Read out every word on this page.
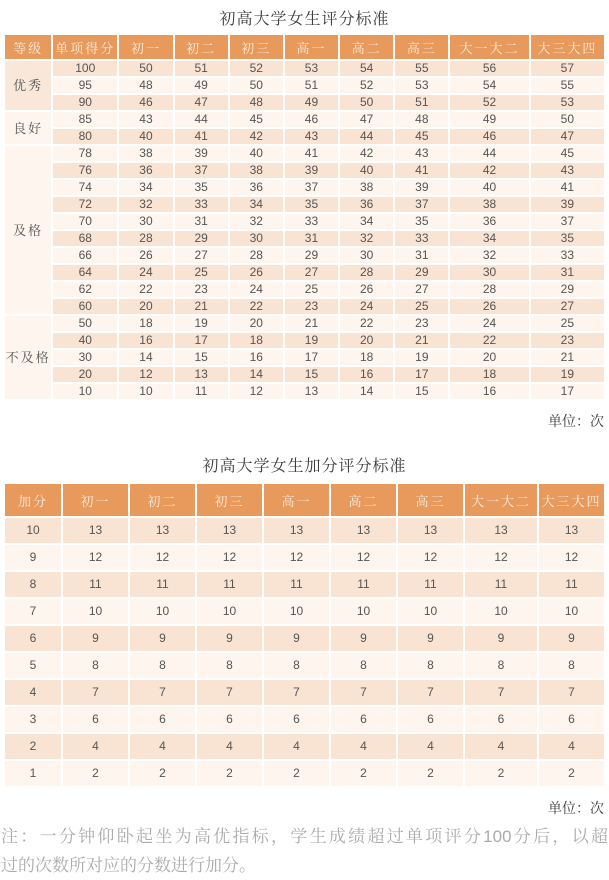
初高大学女生评分标准
等级	单项得分	初一	初二	初三	高一	高二	高三	大一大二	大三大四
优秀	100	50	51	52	53	54	55	56	57
	95	48	49	50	51	52	53	54	55
	90	46	47	48	49	50	51	52	53
良好	85	43	44	45	46	47	48	49	50
	80	40	41	42	43	44	45	46	47
及格	78	38	39	40	41	42	43	44	45
	76	36	37	38	39	40	41	42	43
	74	34	35	36	37	38	39	40	41
	72	32	33	34	35	36	37	38	39
	70	30	31	32	33	34	35	36	37
	68	28	29	30	31	32	33	34	35
	66	26	27	28	29	30	31	32	33
	64	24	25	26	27	28	29	30	31
	62	22	23	24	25	26	27	28	29
	60	20	21	22	23	24	25	26	27
不及格	50	18	19	20	21	22	23	24	25
	40	16	17	18	19	20	21	22	23
	30	14	15	16	17	18	19	20	21
	20	12	13	14	15	16	17	18	19
	10	10	11	12	13	14	15	16	17
单位：次
初高大学女生加分评分标准
加分	初一	初二	初三	高一	高二	高三	大一大二	大三大四
10	13	13	13	13	13	13	13	13
9	12	12	12	12	12	12	12	12
8	11	11	11	11	11	11	11	11
7	10	10	10	10	10	10	10	10
6	9	9	9	9	9	9	9	9
5	8	8	8	8	8	8	8	8
4	7	7	7	7	7	7	7	7
3	6	6	6	6	6	6	6	6
2	4	4	4	4	4	4	4	4
1	2	2	2	2	2	2	2	2
单位：次
注：一分钟仰卧起坐为高优指标，学生成绩超过单项评分100分后，以超
过的次数所对应的分数进行加分。
